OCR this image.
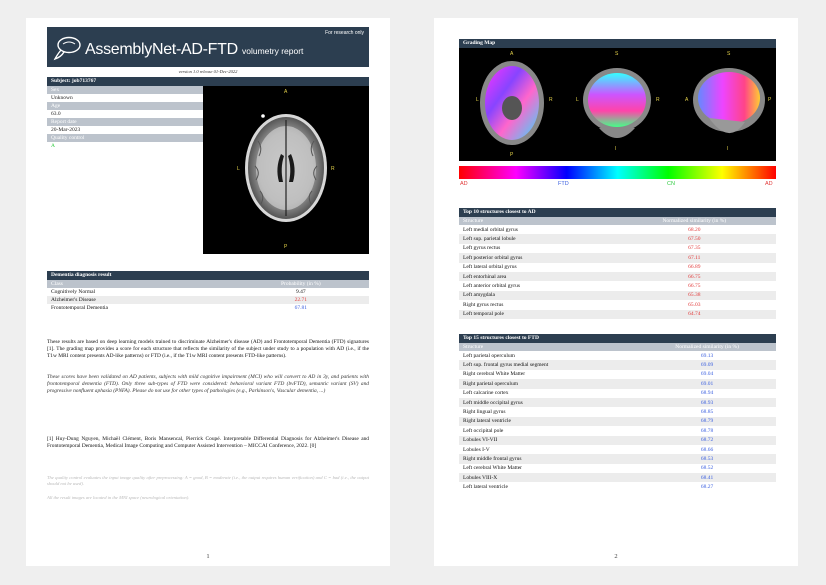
For research only
AssemblyNet-AD-FTD volumetry report
version 1.0 release 01-Dec-2022
Subject: job713767
Sex
Unknown
Age
63.0
Report date
20-Mar-2023
Quality control
A
A
P
L	R
Dementia diagnosis result
Class	Probability (in %)
Cognitively Normal	9.47
Alzheimer's Disease	22.71
Frontotemporal Dementia	67.81
These results are based on deep learning models trained to discriminate Alzheimer's disease (AD) and Frontotemporal Dementia (FTD) signatures [1]. The grading map provides a score for each structure that reflects the similarity of the subject under study to a population with AD (i.e., if the T1w MRI content presents AD-like patterns) or FTD (i.e., if the T1w MRI content presents FTD-like patterns).
These scores have been validated on AD patients, subjects with mild cognitive impairment (MCI) who will convert to AD in 3y, and patients with frontotemporal dementia (FTD). Only three sub-types of FTD were considered: behavioral variant FTD (bvFTD), semantic variant (SV) and progressive nonfluent aphasia (PNFA). Please do not use for other types of pathologies (e.g., Parkinson's, Vascular dementia, ...)
[1] Huy-Dung Nguyen, Michaël Clément, Boris Mansencal, Pierrick Coupé. Interpretable Differential Diagnosis for Alzheimer's Disease and Frontotemporal Dementia, Medical Image Computing and Computer Assisted Intervention – MICCAI Conference, 2022. [0]
The quality control evaluates the input image quality after preprocessing: A = good, B = moderate (i.e., the output requires human verification) and C = bad (i.e., the output should not be used).
All the result images are located in the MNI space (neurological orientation).
1
Grading Map
A
L	R
P
S
L	R
I
S
A	P
I
AD	FTD	CN	AD
Top 10 structures closest to AD
Structure	Normalized similarity (in %)
Left medial orbital gyrus	68.20
Left sup. parietal lobule	67.50
Left gyrus rectus	67.35
Left posterior orbital gyrus	67.11
Left lateral orbital gyrus	66.89
Left entorhinal area	66.75
Left anterior orbital gyrus	66.75
Left amygdala	65.38
Right gyrus rectus	65.03
Left temporal pole	64.74
Top 15 structures closest to FTD
Structure	Normalized similarity (in %)
Left parietal operculum	69.13
Left sup. frontal gyrus medial segment	69.09
Right cerebral White Matter	69.04
Right parietal operculum	69.01
Left calcarine cortex	68.94
Left middle occipital gyrus	68.93
Right lingual gyrus	68.85
Right lateral ventricle	68.79
Left occipital pole	68.78
Lobules VI-VII	68.72
Lobules I-V	68.66
Right middle frontal gyrus	68.53
Left cerebral White Matter	68.52
Lobules VIII-X	68.41
Left lateral ventricle	68.27
2
